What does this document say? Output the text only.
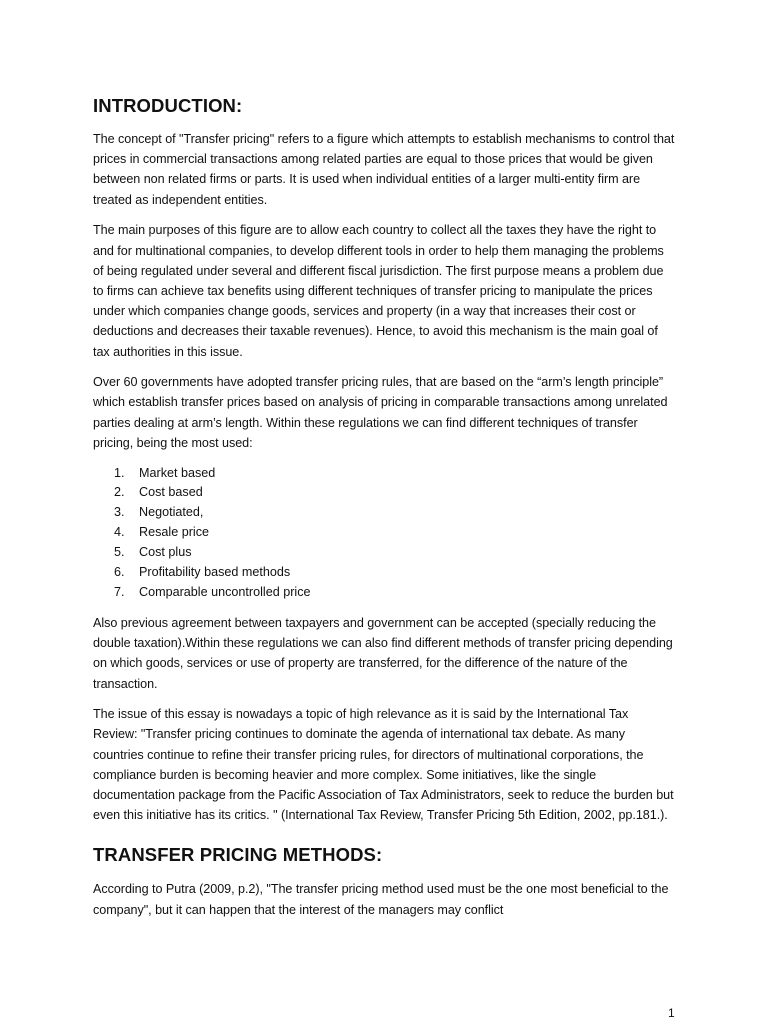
INTRODUCTION:

The concept of "Transfer pricing" refers to a figure which attempts to establish mechanisms to control that prices in commercial transactions among related parties are equal to those prices that would be given between non related firms or parts. It is used when individual entities of a larger multi-entity firm are treated as independent entities.

The main purposes of this figure are to allow each country to collect all the taxes they have the right to and for multinational companies, to develop different tools in order to help them managing the problems of being regulated under several and different fiscal jurisdiction. The first purpose means a problem due to firms can achieve tax benefits using different techniques of transfer pricing to manipulate the prices under which companies change goods, services and property (in a way that increases their cost or deductions and decreases their taxable revenues). Hence, to avoid this mechanism is the main goal of tax authorities in this issue.

Over 60 governments have adopted transfer pricing rules, that are based on the “arm’s length principle” which establish transfer prices based on analysis of pricing in comparable transactions among unrelated parties dealing at arm’s length. Within these regulations we can find different techniques of transfer pricing, being the most used:

1.	Market based
2.	Cost based
3.	Negotiated,
4.	Resale price
5.	Cost plus
6.	Profitability based methods
7.	Comparable uncontrolled price

Also previous agreement between taxpayers and government can be accepted (specially reducing the double taxation).Within these regulations we can also find different methods of transfer pricing depending on which goods, services or use of property are transferred, for the difference of the nature of the transaction.

The issue of this essay is nowadays a topic of high relevance as it is said by the International Tax Review: "Transfer pricing continues to dominate the agenda of international tax debate. As many countries continue to refine their transfer pricing rules, for directors of multinational corporations, the compliance burden is becoming heavier and more complex. Some initiatives, like the single documentation package from the Pacific Association of Tax Administrators, seek to reduce the burden but even this initiative has its critics. " (International Tax Review, Transfer Pricing 5th Edition, 2002, pp.181.).

TRANSFER PRICING METHODS:

According to Putra (2009, p.2), "The transfer pricing method used must be the one most beneficial to the company", but it can happen that the interest of the managers may conflict

1
